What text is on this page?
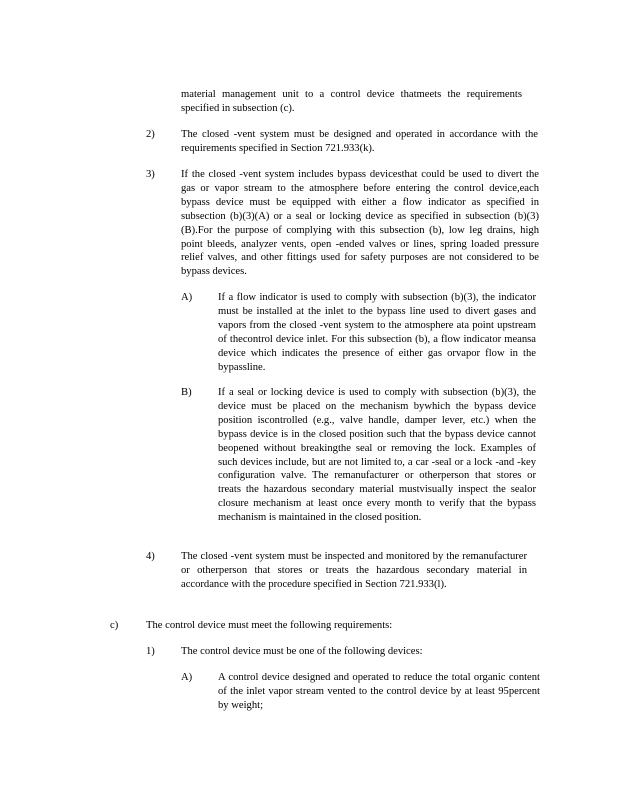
material management unit to a control device thatmeets the requirements specified in subsection (c).
2) The closed -vent system must be designed and operated in accordance with the requirements specified in Section 721.933(k).
3) If the closed -vent system includes bypass devicesthat could be used to divert the gas or vapor stream to the atmosphere before entering the control device,each bypass device must be equipped with either a flow indicator as specified in subsection (b)(3)(A) or a seal or locking device as specified in subsection (b)(3)(B).For the purpose of complying with this subsection (b), low leg drains, high point bleeds, analyzer vents, open -ended valves or lines, spring loaded pressure relief valves, and other fittings used for safety purposes are not considered to be bypass devices.
A) If a flow indicator is used to comply with subsection (b)(3), the indicator must be installed at the inlet to the bypass line used to divert gases and vapors from the closed -vent system to the atmosphere ata point upstream of thecontrol device inlet. For this subsection (b), a flow indicator meansa device which indicates the presence of either gas orvapor flow in the bypassline.
B) If a seal or locking device is used to comply with subsection (b)(3), the device must be placed on the mechanism bywhich the bypass device position iscontrolled (e.g., valve handle, damper lever, etc.) when the bypass device is in the closed position such that the bypass device cannot beopened without breakingthe seal or removing the lock. Examples of such devices include, but are not limited to, a car -seal or a lock -and -key configuration valve. The remanufacturer or otherperson that stores or treats the hazardous secondary material mustvisually inspect the sealor closure mechanism at least once every month to verify that the bypass mechanism is maintained in the closed position.
4) The closed -vent system must be inspected and monitored by the remanufacturer or otherperson that stores or treats the hazardous secondary material in accordance with the procedure specified in Section 721.933(l).
c)	The control device must meet the following requirements:
1) The control device must be one of the following devices:
A) A control device designed and operated to reduce the total organic content of the inlet vapor stream vented to the control device by at least 95percent by weight;
